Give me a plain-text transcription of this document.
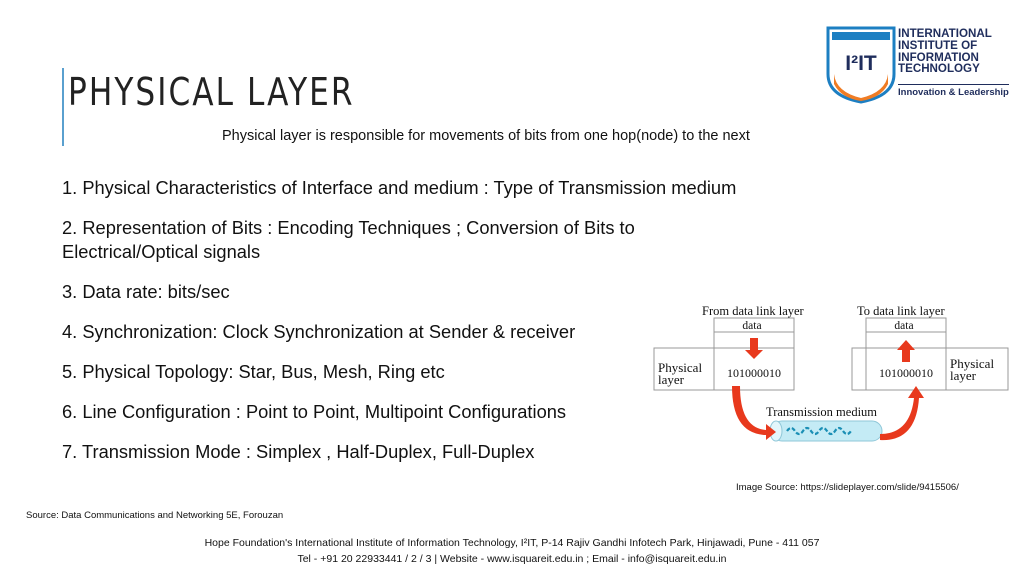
PHYSICAL LAYER
Physical layer is responsible for movements of bits from one hop(node) to the next
I²IT
INTERNATIONAL
INSTITUTE OF
INFORMATION
TECHNOLOGY
Innovation & Leadership

1. Physical Characteristics of Interface and medium : Type of Transmission medium

2. Representation of Bits : Encoding Techniques ; Conversion of Bits to Electrical/Optical signals

3. Data rate: bits/sec

4. Synchronization: Clock Synchronization at Sender & receiver

5. Physical Topology: Star, Bus, Mesh, Ring etc

6. Line Configuration : Point to Point, Multipoint Configurations

7. Transmission Mode : Simplex , Half-Duplex, Full-Duplex

From data link layer
data
Physical
layer	101000010
To data link layer
data
101000010
Physical
layer
Transmission medium
Image Source: https://slideplayer.com/slide/9415506/
Source: Data Communications and Networking 5E, Forouzan
Hope Foundation's International Institute of Information Technology, I²IT, P-14 Rajiv Gandhi Infotech Park, Hinjawadi, Pune - 411 057
Tel - +91 20 22933441 / 2 / 3 | Website - www.isquareit.edu.in ; Email - info@isquareit.edu.in
